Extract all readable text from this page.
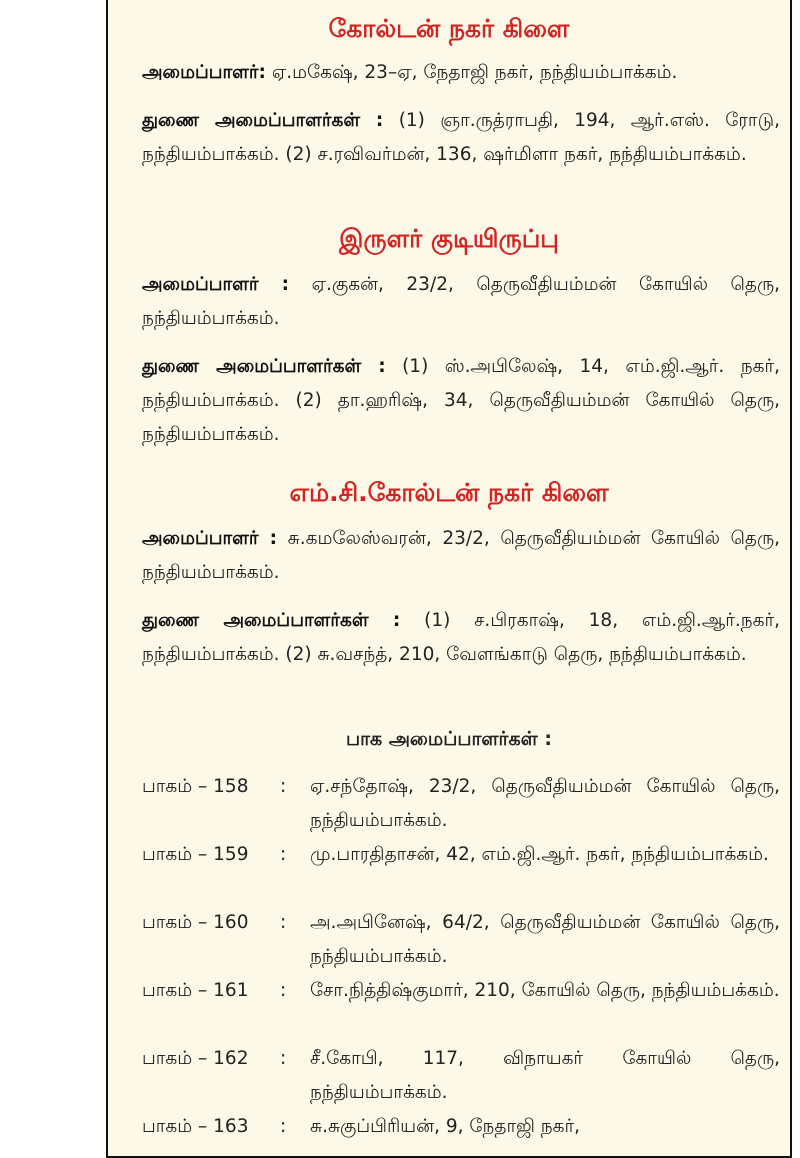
கோல்டன் நகர் கிளை

அமைப்பாளர்: ஏ.மகேஷ், 23–ஏ, நேதாஜி நகர், நந்தியம்பாக்கம்.

துணை அமைப்பாளர்கள் : (1) ஞா.ருத்ராபதி, 194, ஆர்.எஸ். ரோடு, நந்தியம்பாக்கம். (2) ச.ரவிவர்மன், 136, ஷர்மிளா நகர், நந்தியம்பாக்கம்.

இருளர் குடியிருப்பு

அமைப்பாளர் : ஏ.குகன், 23/2, தெருவீதியம்மன் கோயில் தெரு, நந்தியம்பாக்கம்.

துணை அமைப்பாளர்கள் : (1) ஸ்.அபிலேஷ், 14, எம்.ஜி.ஆர். நகர், நந்தியம்பாக்கம். (2) தா.ஹரிஷ், 34, தெருவீதியம்மன் கோயில் தெரு, நந்தியம்பாக்கம்.

எம்.சி.கோல்டன் நகர் கிளை

அமைப்பாளர் : சு.கமலேஸ்வரன், 23/2, தெருவீதியம்மன் கோயில் தெரு, நந்தியம்பாக்கம்.

துணை அமைப்பாளர்கள் : (1) ச.பிரகாஷ், 18, எம்.ஜி.ஆர்.நகர், நந்தியம்பாக்கம். (2) சு.வசந்த், 210, வேளங்காடு தெரு, நந்தியம்பாக்கம்.

பாக அமைப்பாளர்கள் :

பாகம் – 158	:	ஏ.சந்தோஷ், 23/2, தெருவீதியம்மன் கோயில் தெரு, நந்தியம்பாக்கம்.
பாகம் – 159	:	மு.பாரதிதாசன், 42, எம்.ஜி.ஆர். நகர், நந்தியம்பாக்கம்.
பாகம் – 160	:	அ.அபினேஷ், 64/2, தெருவீதியம்மன் கோயில் தெரு, நந்தியம்பாக்கம்.
பாகம் – 161	:	சோ.நித்திஷ்குமார், 210, கோயில் தெரு, நந்தியம்பக்கம்.
பாகம் – 162	:	சீ.கோபி, 117, விநாயகர் கோயில் தெரு, நந்தியம்பாக்கம்.
பாகம் – 163	:	சு.சுகுப்பிரியன், 9, நேதாஜி நகர்,
